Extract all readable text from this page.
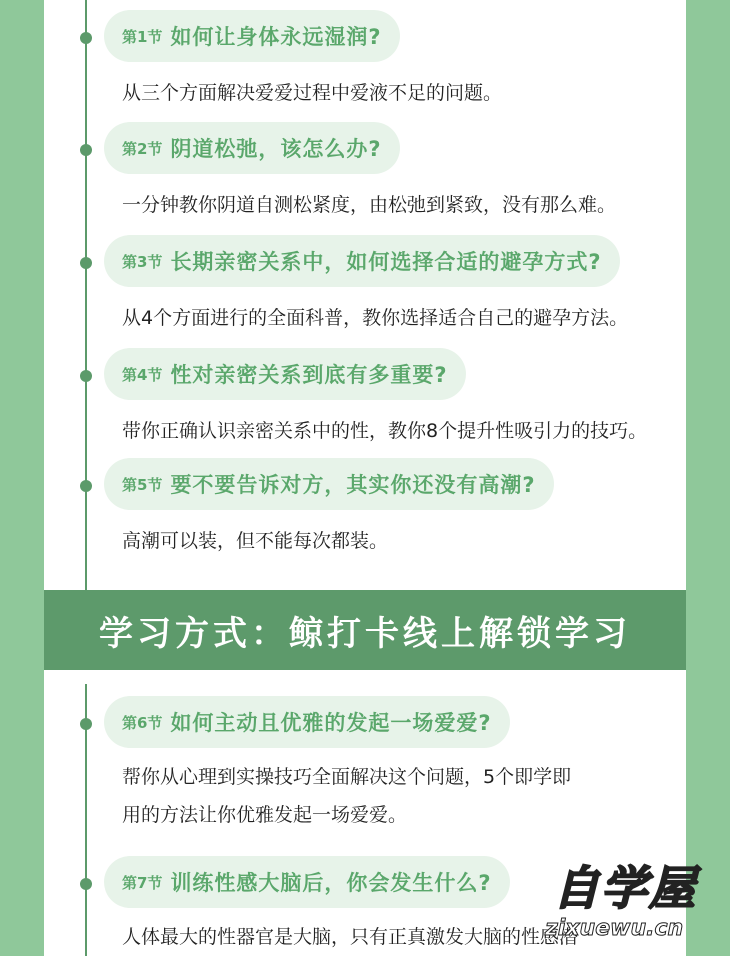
第1节 如何让身体永远湿润?
从三个方面解决爱爱过程中爱液不足的问题。
第2节 阴道松弛，该怎么办?
一分钟教你阴道自测松紧度，由松弛到紧致，没有那么难。
第3节 长期亲密关系中，如何选择合适的避孕方式?
从4个方面进行的全面科普，教你选择适合自己的避孕方法。
第4节 性对亲密关系到底有多重要?
带你正确认识亲密关系中的性，教你8个提升性吸引力的技巧。
第5节 要不要告诉对方，其实你还没有高潮?
高潮可以装，但不能每次都装。
学习方式：鲸打卡线上解锁学习
第6节 如何主动且优雅的发起一场爱爱?
帮你从心理到实操技巧全面解决这个问题，5个即学即
用的方法让你优雅发起一场爱爱。
第7节 训练性感大脑后，你会发生什么?
人体最大的性器官是大脑，只有正真激发大脑的性感潜
自学屋
zixuewu.cn
